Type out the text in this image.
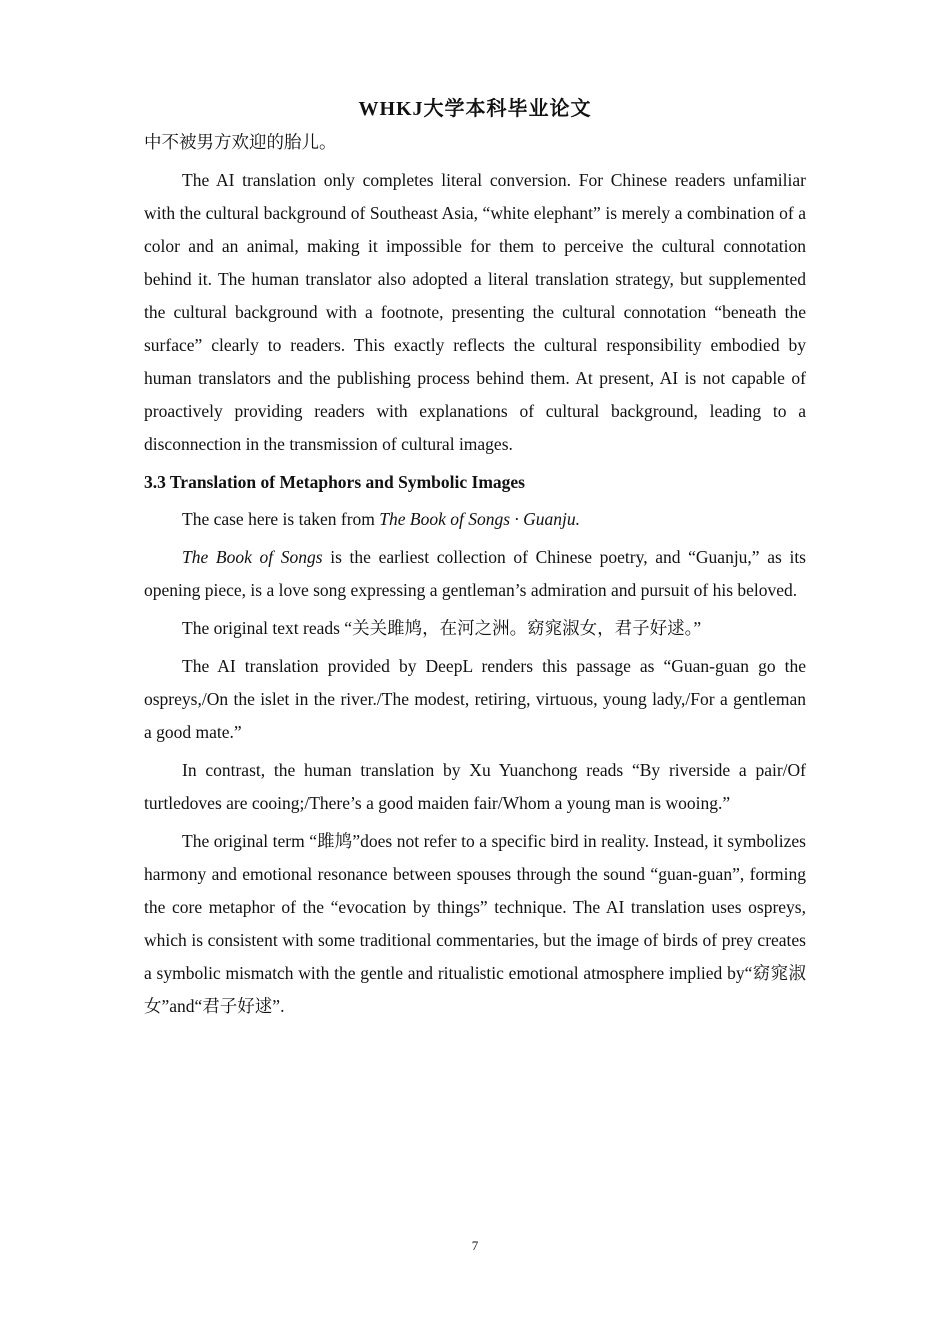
WHKJ大学本科毕业论文

中不被男方欢迎的胎儿。

The AI translation only completes literal conversion. For Chinese readers unfamiliar with the cultural background of Southeast Asia, “white elephant” is merely a combination of a color and an animal, making it impossible for them to perceive the cultural connotation behind it. The human translator also adopted a literal translation strategy, but supplemented the cultural background with a footnote, presenting the cultural connotation “beneath the surface” clearly to readers. This exactly reflects the cultural responsibility embodied by human translators and the publishing process behind them. At present, AI is not capable of proactively providing readers with explanations of cultural background, leading to a disconnection in the transmission of cultural images.

3.3 Translation of Metaphors and Symbolic Images

The case here is taken from The Book of Songs · Guanju.

The Book of Songs is the earliest collection of Chinese poetry, and “Guanju,” as its opening piece, is a love song expressing a gentleman’s admiration and pursuit of his beloved.

The original text reads “关关雎鸠，在河之洲。窈窕淑女，君子好逑。”

The AI translation provided by DeepL renders this passage as “Guan-guan go the ospreys,/On the islet in the river./The modest, retiring, virtuous, young lady,/For a gentleman a good mate.”

In contrast, the human translation by Xu Yuanchong reads “By riverside a pair/Of turtledoves are cooing;/There’s a good maiden fair/Whom a young man is wooing.”

The original term “雎鸠”does not refer to a specific bird in reality. Instead, it symbolizes harmony and emotional resonance between spouses through the sound “guan-guan”, forming the core metaphor of the “evocation by things” technique. The AI translation uses ospreys, which is consistent with some traditional commentaries, but the image of birds of prey creates a symbolic mismatch with the gentle and ritualistic emotional atmosphere implied by“窈窕淑女”and“君子好逑”.

7
